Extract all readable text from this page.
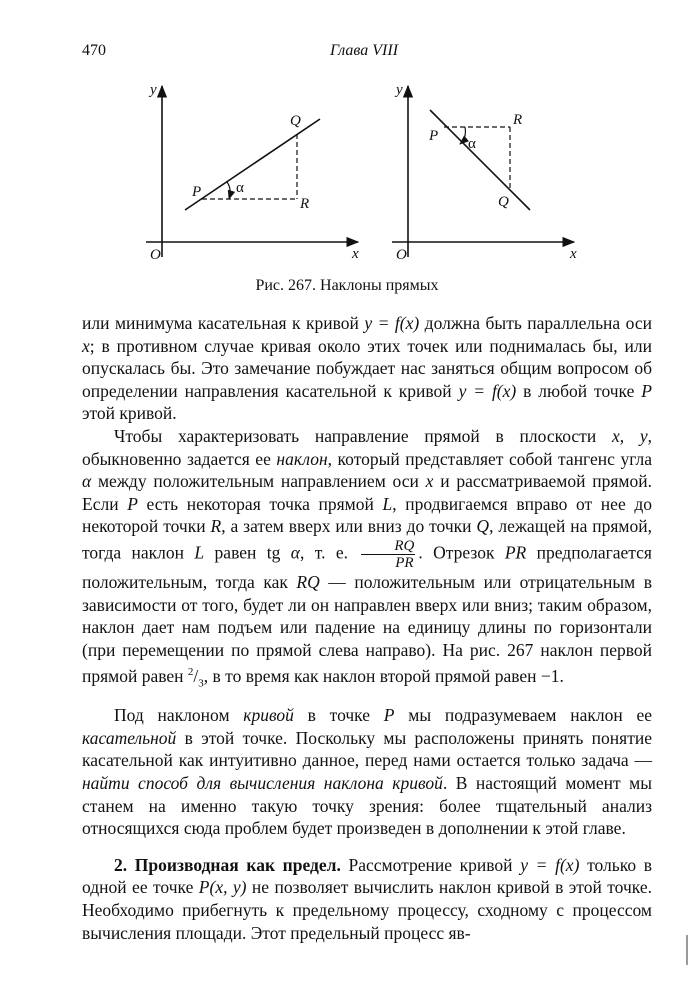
470	Глава VIII
y
x
O
P
Q
R
α
y
x
O
P
Q
R
α
Рис. 267. Наклоны прямых

или минимума касательная к кривой y = f(x) должна быть параллельна оси x; в противном случае кривая около этих точек или поднималась бы, или опускалась бы. Это замечание побуждает нас заняться общим вопросом об определении направления касательной к кривой y = f(x) в любой точке P этой кривой.

Чтобы характеризовать направление прямой в плоскости x, y, обыкновенно задается ее наклон, который представляет собой тангенс угла α между положительным направлением оси x и рассматриваемой прямой. Если P есть некоторая точка прямой L, продвигаемся вправо от нее до некоторой точки R, а затем вверх или вниз до точки Q, лежащей на прямой, тогда наклон L равен tg α, т. е. $\frac{RQ}{PR}$ . Отрезок PR предполагается положительным, тогда как RQ — положительным или отрицательным в зависимости от того, будет ли он направлен вверх или вниз; таким образом, наклон дает нам подъем или падение на единицу длины по горизонтали (при перемещении по прямой слева направо). На рис. 267 наклон первой прямой равен $^2/_3$, в то время как наклон второй прямой равен −1.

Под наклоном кривой в точке P мы подразумеваем наклон ее касательной в этой точке. Поскольку мы расположены принять понятие касательной как интуитивно данное, перед нами остается только задача — найти способ для вычисления наклона кривой. В настоящий момент мы станем на именно такую точку зрения: более тщательный анализ относящихся сюда проблем будет произведен в дополнении к этой главе.

2. Производная как предел. Рассмотрение кривой y = f(x) только в одной ее точке P(x, y) не позволяет вычислить наклон кривой в этой точке. Необходимо прибегнуть к предельному процессу, сходному с процессом вычисления площади. Этот предельный процесс яв-
